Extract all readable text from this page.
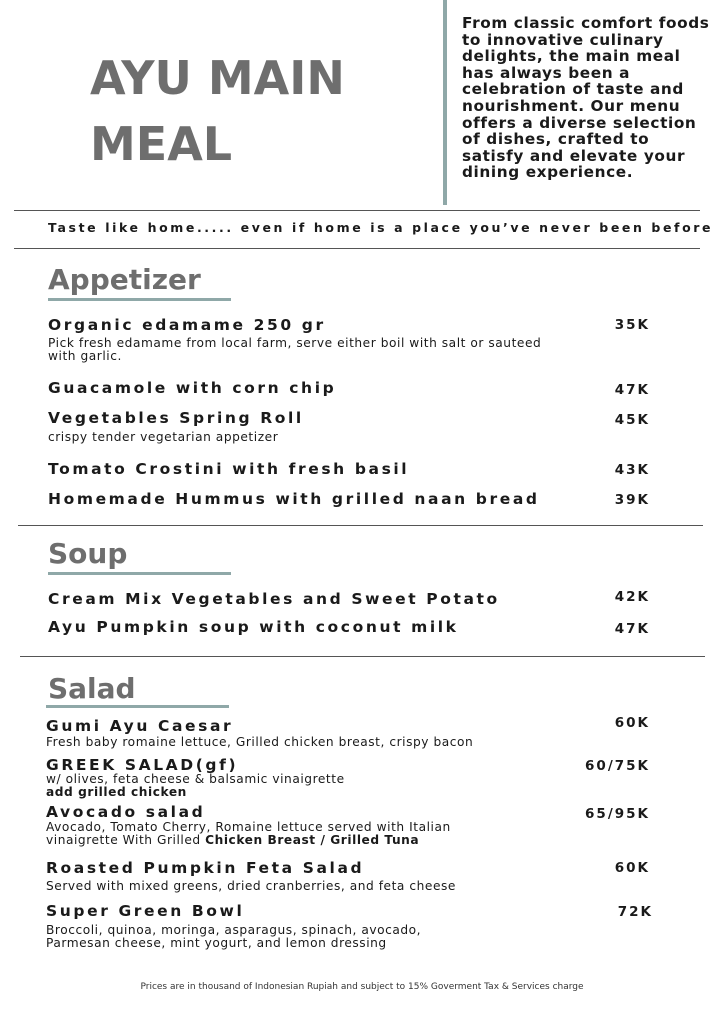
AYU MAIN
MEAL
From classic comfort foods to innovative culinary delights, the main meal has always been a celebration of taste and nourishment. Our menu offers a diverse selection of dishes, crafted to satisfy and elevate your dining experience.
Taste like home..... even if home is a place you’ve never been before
Appetizer
Organic edamame 250 gr
Pick fresh edamame from local farm, serve either boil with salt or sauteed with garlic.
35K
Guacamole with corn chip	47K
Vegetables Spring Roll
crispy tender vegetarian appetizer
45K
Tomato Crostini with fresh basil	43K
Homemade Hummus with grilled naan bread	39K
Soup
Cream Mix Vegetables and Sweet Potato	42K
Ayu Pumpkin soup with coconut milk	47K
Salad
Gumi Ayu Caesar
Fresh baby romaine lettuce, Grilled chicken breast, crispy bacon
60K
GREEK SALAD(gf)
w/ olives, feta cheese & balsamic vinaigrette
add grilled chicken
60/75K
Avocado salad
Avocado, Tomato Cherry, Romaine lettuce served with Italian vinaigrette With Grilled Chicken Breast / Grilled Tuna
65/95K
Roasted Pumpkin Feta Salad
Served with mixed greens, dried cranberries, and feta cheese
60K
Super Green Bowl
Broccoli, quinoa, moringa, asparagus, spinach, avocado, Parmesan cheese, mint yogurt, and lemon dressing
72K
Prices are in thousand of Indonesian Rupiah and subject to 15% Goverment Tax & Services charge
